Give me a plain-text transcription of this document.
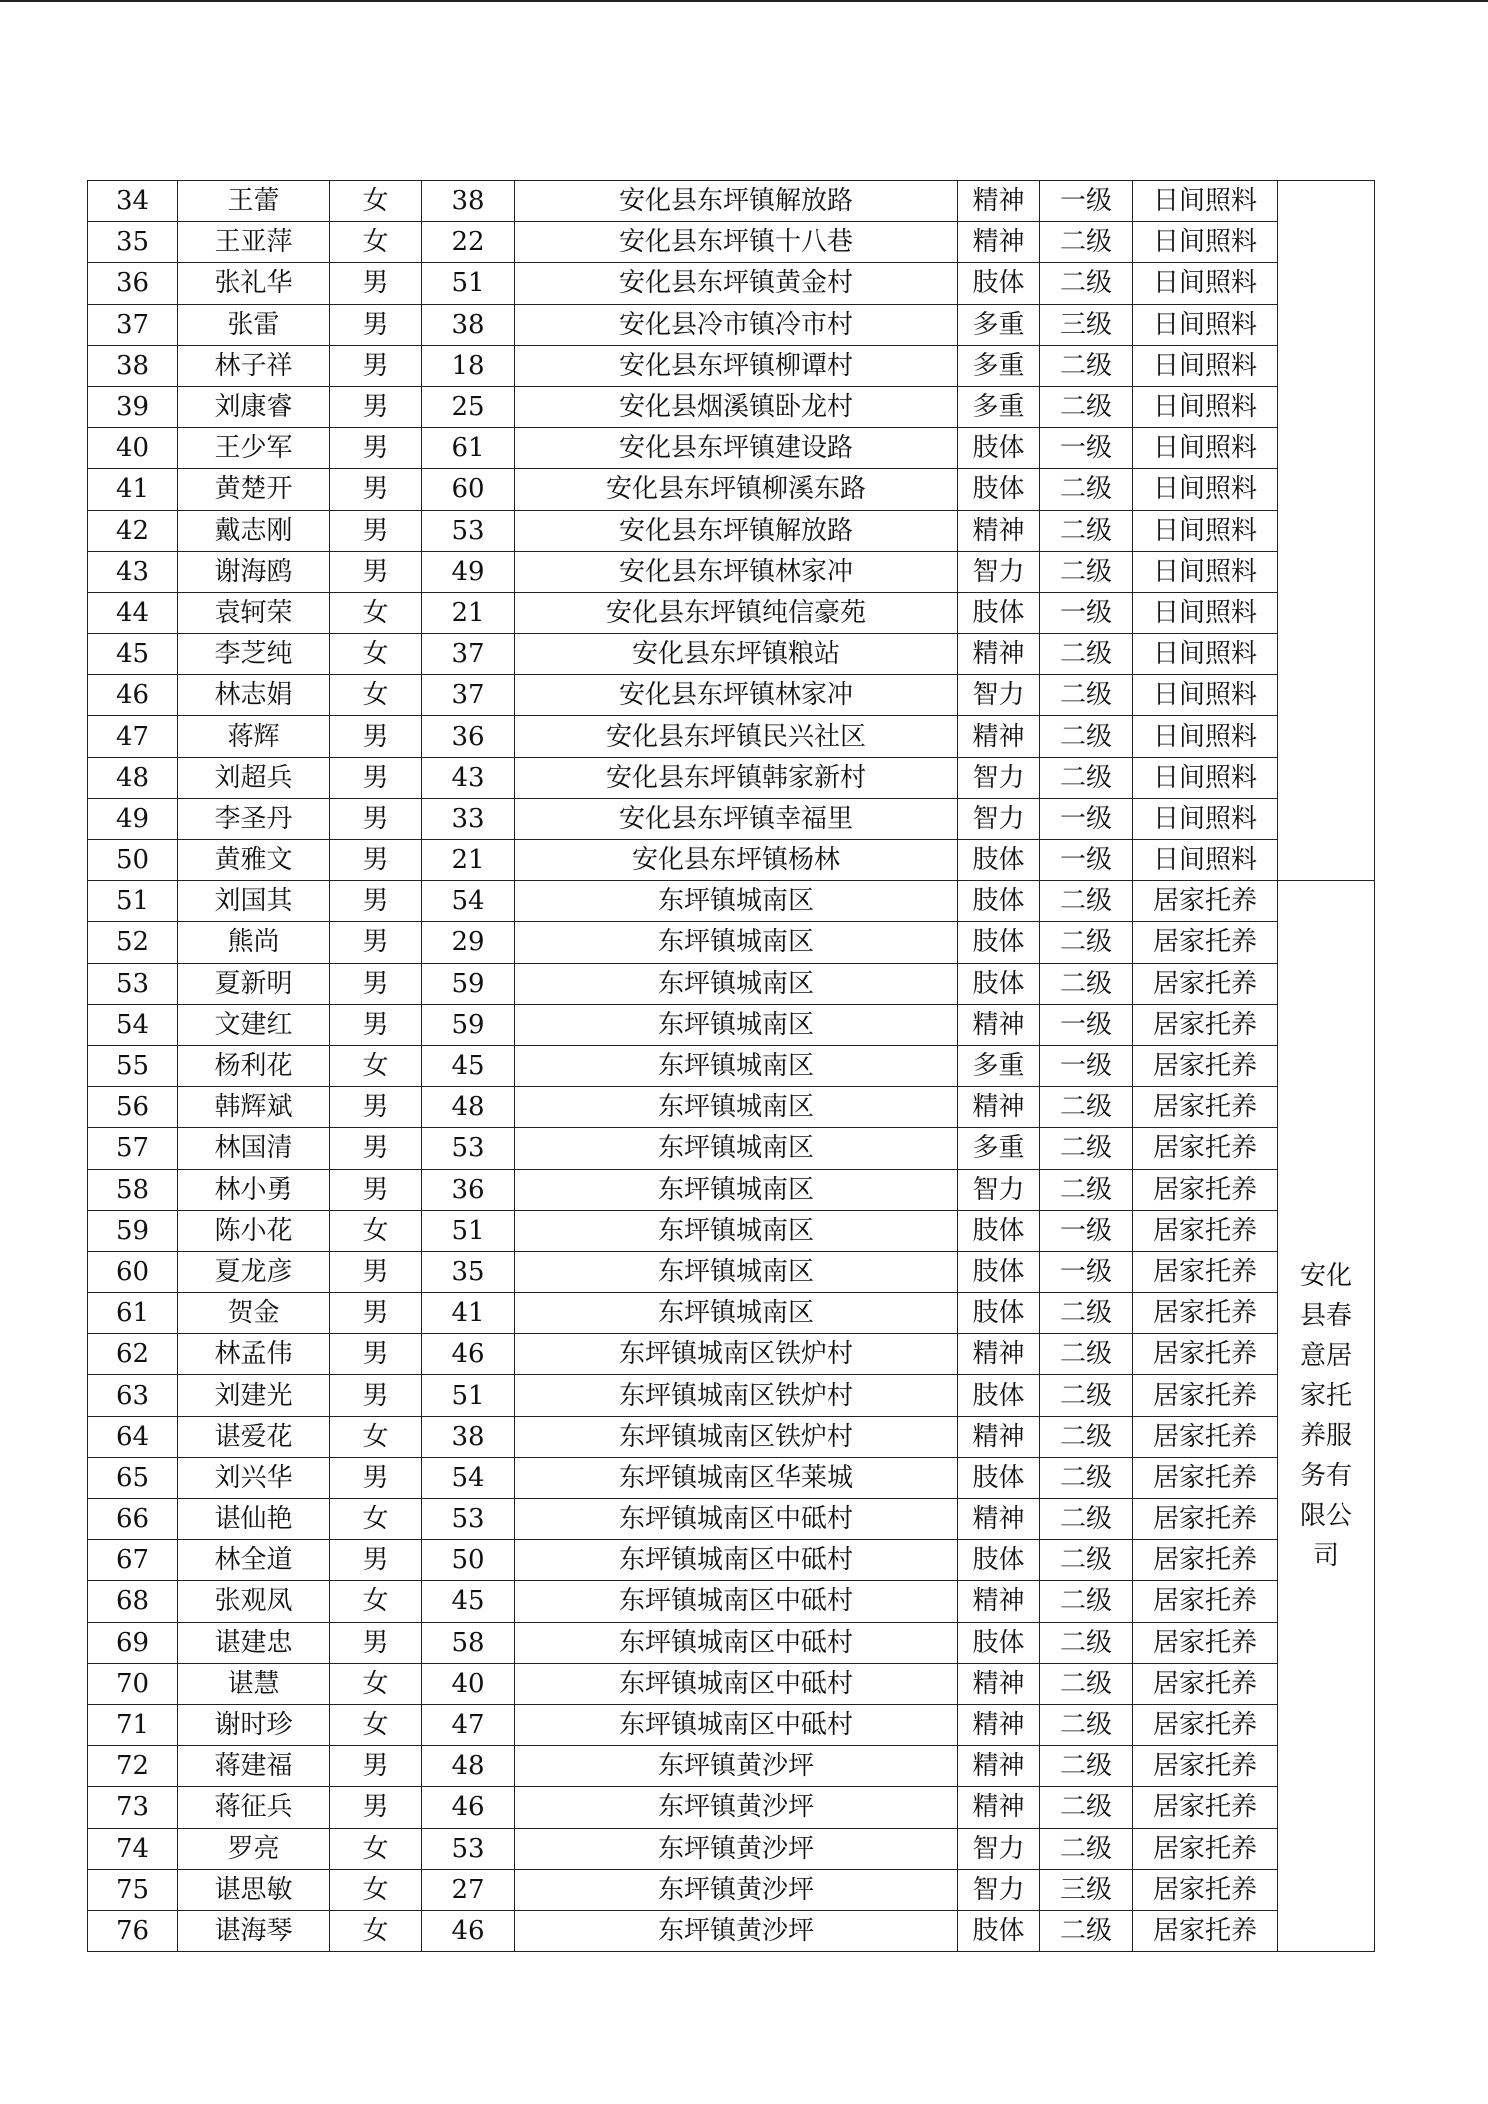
34	王蕾	女	38	安化县东坪镇解放路	精神	一级	日间照料	
35	王亚萍	女	22	安化县东坪镇十八巷	精神	二级	日间照料	
36	张礼华	男	51	安化县东坪镇黄金村	肢体	二级	日间照料	
37	张雷	男	38	安化县冷市镇冷市村	多重	三级	日间照料	
38	林子祥	男	18	安化县东坪镇柳谭村	多重	二级	日间照料	
39	刘康睿	男	25	安化县烟溪镇卧龙村	多重	二级	日间照料	
40	王少军	男	61	安化县东坪镇建设路	肢体	一级	日间照料	
41	黄楚开	男	60	安化县东坪镇柳溪东路	肢体	二级	日间照料	
42	戴志刚	男	53	安化县东坪镇解放路	精神	二级	日间照料	
43	谢海鸥	男	49	安化县东坪镇林家冲	智力	二级	日间照料	
44	袁轲荣	女	21	安化县东坪镇纯信豪苑	肢体	一级	日间照料	
45	李芝纯	女	37	安化县东坪镇粮站	精神	二级	日间照料	
46	林志娟	女	37	安化县东坪镇林家冲	智力	二级	日间照料	
47	蒋辉	男	36	安化县东坪镇民兴社区	精神	二级	日间照料	
48	刘超兵	男	43	安化县东坪镇韩家新村	智力	二级	日间照料	
49	李圣丹	男	33	安化县东坪镇幸福里	智力	一级	日间照料	
50	黄雅文	男	21	安化县东坪镇杨林	肢体	一级	日间照料	
51	刘国其	男	54	东坪镇城南区	肢体	二级	居家托养	安化县春意居家托养服务有限公司
52	熊尚	男	29	东坪镇城南区	肢体	二级	居家托养	
53	夏新明	男	59	东坪镇城南区	肢体	二级	居家托养	
54	文建红	男	59	东坪镇城南区	精神	一级	居家托养	
55	杨利花	女	45	东坪镇城南区	多重	一级	居家托养	
56	韩辉斌	男	48	东坪镇城南区	精神	二级	居家托养	
57	林国清	男	53	东坪镇城南区	多重	二级	居家托养	
58	林小勇	男	36	东坪镇城南区	智力	二级	居家托养	
59	陈小花	女	51	东坪镇城南区	肢体	一级	居家托养	
60	夏龙彦	男	35	东坪镇城南区	肢体	一级	居家托养	
61	贺金	男	41	东坪镇城南区	肢体	二级	居家托养	
62	林孟伟	男	46	东坪镇城南区铁炉村	精神	二级	居家托养	
63	刘建光	男	51	东坪镇城南区铁炉村	肢体	二级	居家托养	
64	谌爱花	女	38	东坪镇城南区铁炉村	精神	二级	居家托养	
65	刘兴华	男	54	东坪镇城南区华莱城	肢体	二级	居家托养	
66	谌仙艳	女	53	东坪镇城南区中砥村	精神	二级	居家托养	
67	林全道	男	50	东坪镇城南区中砥村	肢体	二级	居家托养	
68	张观凤	女	45	东坪镇城南区中砥村	精神	二级	居家托养	
69	谌建忠	男	58	东坪镇城南区中砥村	肢体	二级	居家托养	
70	谌慧	女	40	东坪镇城南区中砥村	精神	二级	居家托养	
71	谢时珍	女	47	东坪镇城南区中砥村	精神	二级	居家托养	
72	蒋建福	男	48	东坪镇黄沙坪	精神	二级	居家托养	
73	蒋征兵	男	46	东坪镇黄沙坪	精神	二级	居家托养	
74	罗亮	女	53	东坪镇黄沙坪	智力	二级	居家托养	
75	谌思敏	女	27	东坪镇黄沙坪	智力	三级	居家托养	
76	谌海琴	女	46	东坪镇黄沙坪	肢体	二级	居家托养	
